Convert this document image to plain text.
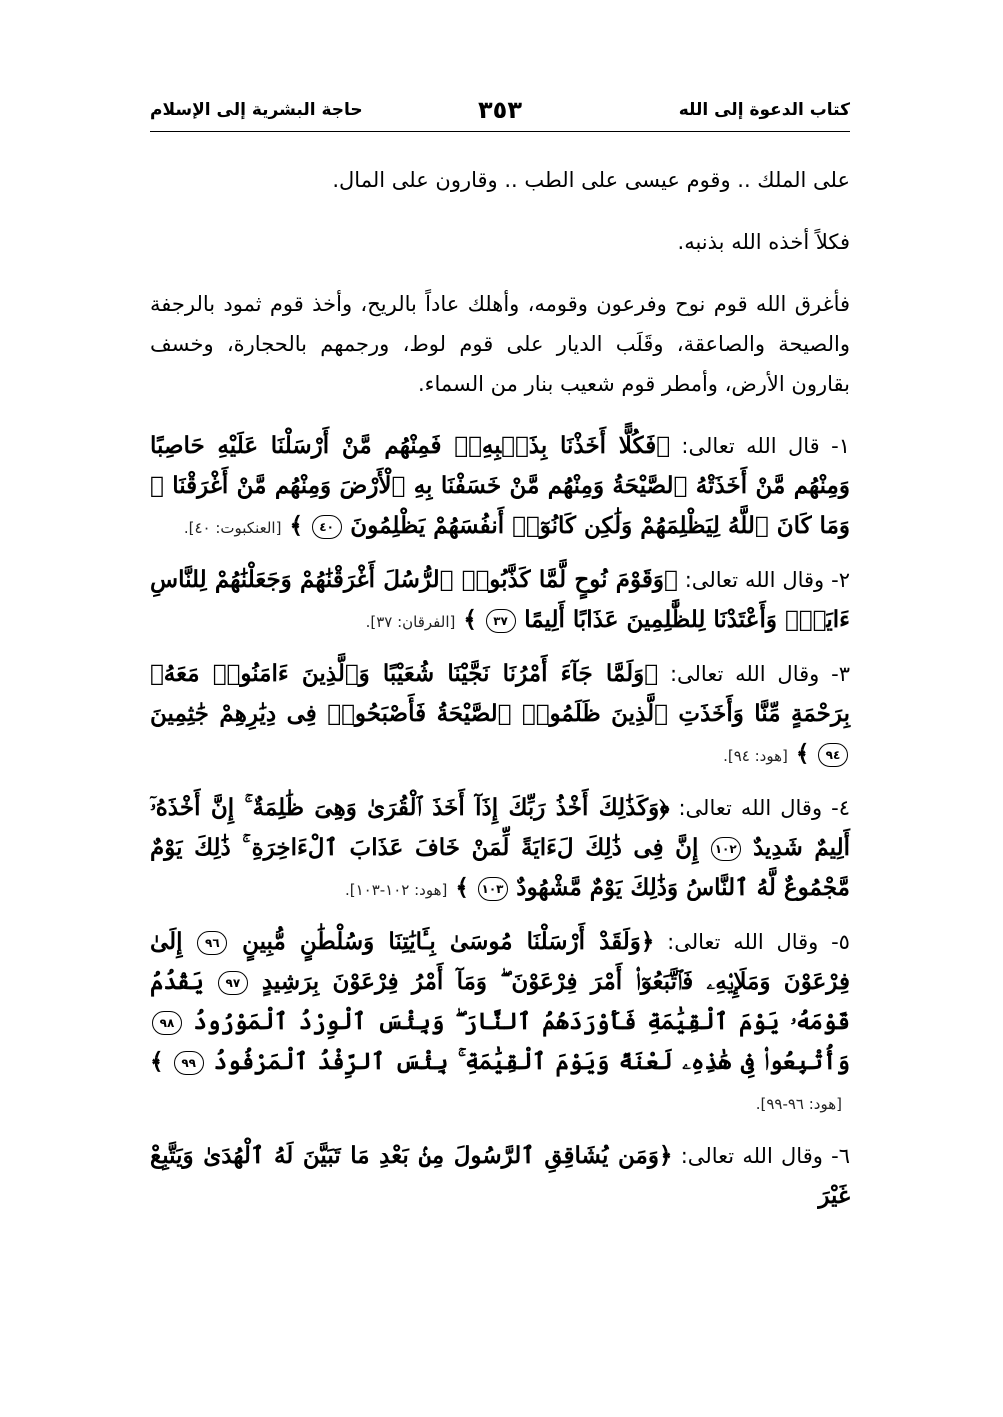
كتاب الدعوة إلى الله
٣٥٣
حاجة البشرية إلى الإسلام

على الملك .. وقوم عيسى على الطب .. وقارون على المال.

فكلاً أخذه الله بذنبه.

فأغرق الله قوم نوح وفرعون وقومه، وأهلك عاداً بالريح، وأخذ قوم ثمود بالرجفة والصيحة والصاعقة، وقَلَب الديار على قوم لوط، ورجمهم بالحجارة، وخسف بقارون الأرض، وأمطر قوم شعيب بنار من السماء.

١- قال الله تعالى: ﴿فَكُلًّا أَخَذْنَا بِذَنۢبِهِۦۖ فَمِنْهُم مَّنْ أَرْسَلْنَا عَلَيْهِ حَاصِبًا وَمِنْهُم مَّنْ أَخَذَتْهُ ٱلصَّيْحَةُ وَمِنْهُم مَّنْ خَسَفْنَا بِهِ ٱلْأَرْضَ وَمِنْهُم مَّنْ أَغْرَقْنَا ۚ وَمَا كَانَ ٱللَّهُ لِيَظْلِمَهُمْ وَلَٰكِن كَانُوٓا۟ أَنفُسَهُمْ يَظْلِمُونَ ٤٠ ﴾[العنكبوت: ٤٠].

٢- وقال الله تعالى: ﴿وَقَوْمَ نُوحٍ لَّمَّا كَذَّبُوا۟ ٱلرُّسُلَ أَغْرَقْنَٰهُمْ وَجَعَلْنَٰهُمْ لِلنَّاسِ ءَايَةًۖ وَأَعْتَدْنَا لِلظَّٰلِمِينَ عَذَابًا أَلِيمًا ٣٧ ﴾[الفرقان: ٣٧].

٣- وقال الله تعالى: ﴿وَلَمَّا جَآءَ أَمْرُنَا نَجَّيْنَا شُعَيْبًا وَٱلَّذِينَ ءَامَنُوا۟ مَعَهُۥ بِرَحْمَةٍ مِّنَّا وَأَخَذَتِ ٱلَّذِينَ ظَلَمُوا۟ ٱلصَّيْحَةُ فَأَصْبَحُوا۟ فِى دِيَٰرِهِمْ جَٰثِمِينَ ٩٤ ﴾[هود: ٩٤].

٤- وقال الله تعالى: ﴿وَكَذَٰلِكَ أَخْذُ رَبِّكَ إِذَآ أَخَذَ ٱلْقُرَىٰ وَهِىَ ظَٰلِمَةٌ ۚ إِنَّ أَخْذَهُۥٓ أَلِيمٌ شَدِيدٌ ١٠٢ إِنَّ فِى ذَٰلِكَ لَءَايَةً لِّمَنْ خَافَ عَذَابَ ٱلْءَاخِرَةِ ۚ ذَٰلِكَ يَوْمٌ مَّجْمُوعٌ لَّهُ ٱلنَّاسُ وَذَٰلِكَ يَوْمٌ مَّشْهُودٌ ١٠٣ ﴾[هود: ١٠٢-١٠٣].

٥- وقال الله تعالى: ﴿وَلَقَدْ أَرْسَلْنَا مُوسَىٰ بِـَٔايَٰتِنَا وَسُلْطَٰنٍ مُّبِينٍ ٩٦ إِلَىٰ فِرْعَوْنَ وَمَلَإِي۟هِۦ فَٱتَّبَعُوٓا۟ أَمْرَ فِرْعَوْنَ ۖ وَمَآ أَمْرُ فِرْعَوْنَ بِرَشِيدٍ ٩٧ يَقْدُمُ قَوْمَهُۥ يَوْمَ ٱلْقِيَٰمَةِ فَأَوْرَدَهُمُ ٱلنَّارَ ۖ وَبِئْسَ ٱلْوِرْدُ ٱلْمَوْرُودُ ٩٨ وَأُتْبِعُوا۟ فِى هَٰذِهِۦ لَعْنَةً وَيَوْمَ ٱلْقِيَٰمَةِ ۚ بِئْسَ ٱلرِّفْدُ ٱلْمَرْفُودُ ٩٩ ﴾[هود: ٩٦-٩٩].

٦- وقال الله تعالى: ﴿وَمَن يُشَاقِقِ ٱلرَّسُولَ مِنۢ بَعْدِ مَا تَبَيَّنَ لَهُ ٱلْهُدَىٰ وَيَتَّبِعْ غَيْرَ
